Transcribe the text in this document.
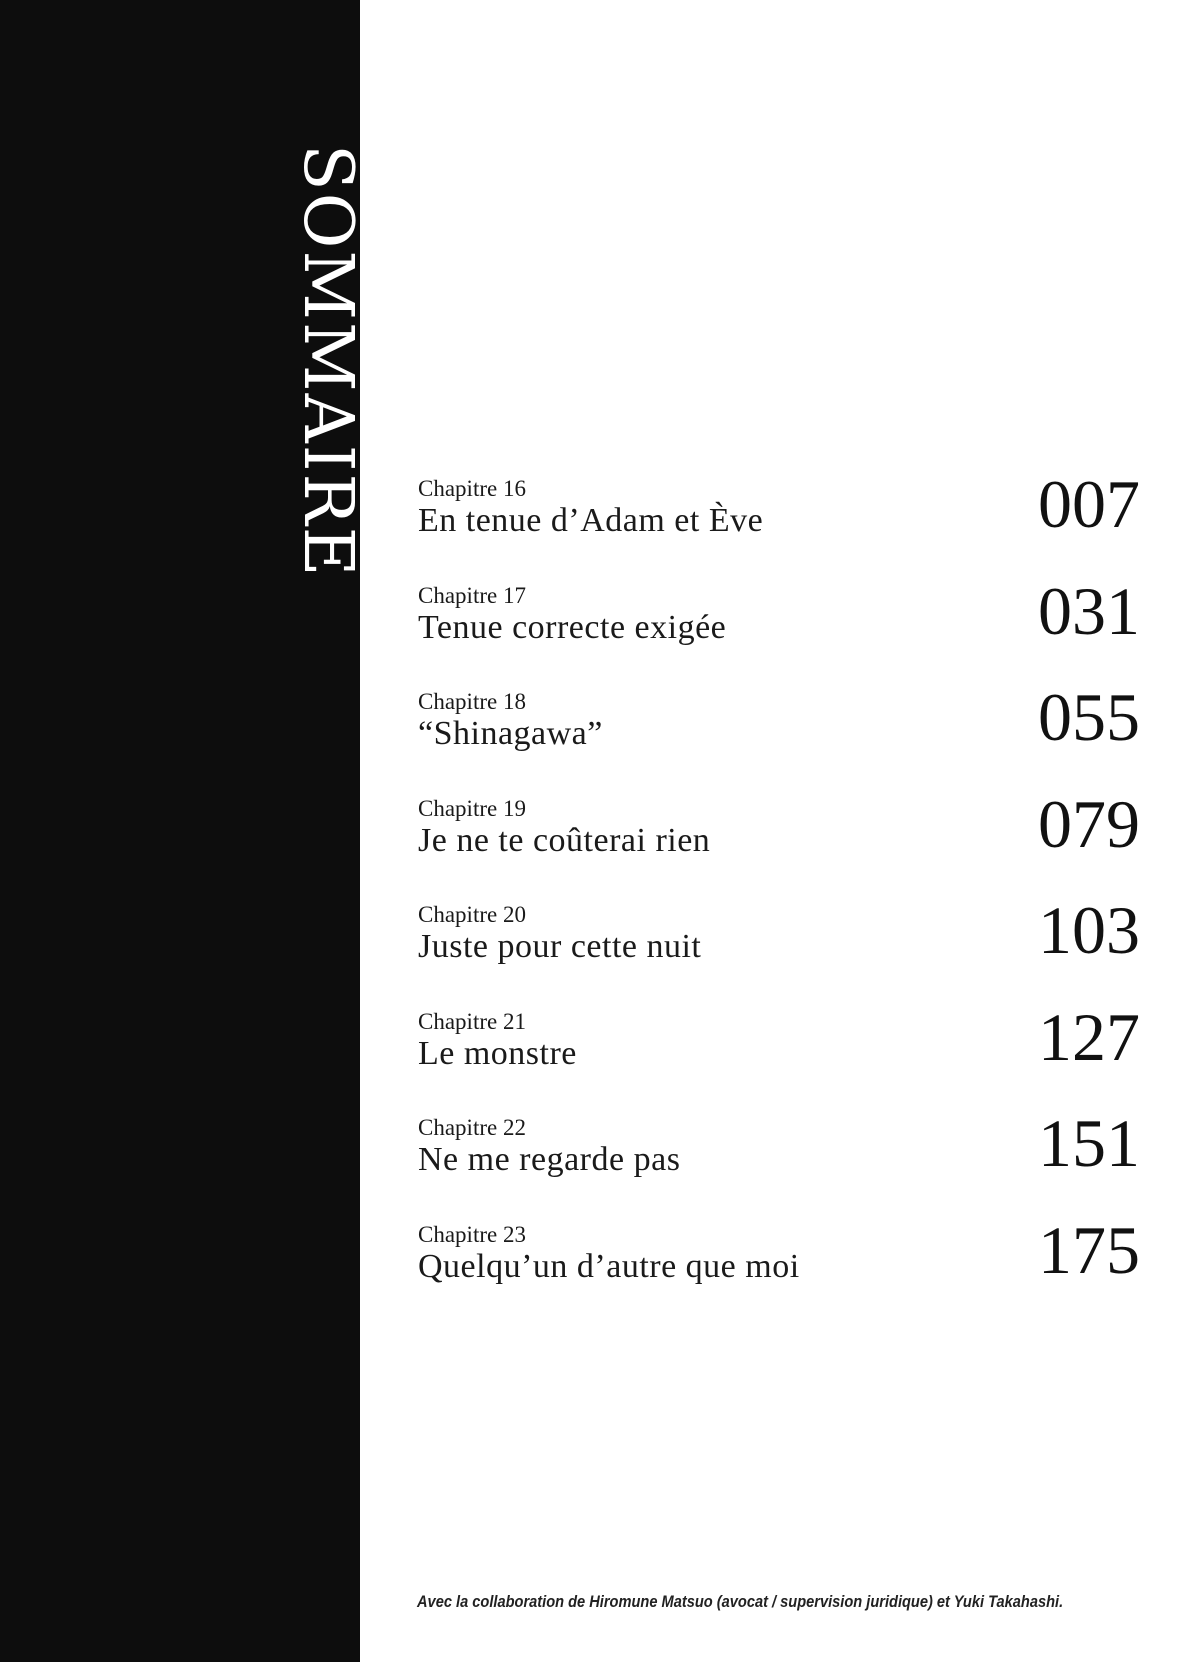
SOMMAIRE Chapitre 16
En tenue d’Adam et Ève	007
Chapitre 17
Tenue correcte exigée	031
Chapitre 18
“Shinagawa”	055
Chapitre 19
Je ne te coûterai rien	079
Chapitre 20
Juste pour cette nuit	103
Chapitre 21
Le monstre	127
Chapitre 22
Ne me regarde pas	151
Chapitre 23
Quelqu’un d’autre que moi	175
Avec la collaboration de Hiromune Matsuo (avocat / supervision juridique) et Yuki Takahashi.
